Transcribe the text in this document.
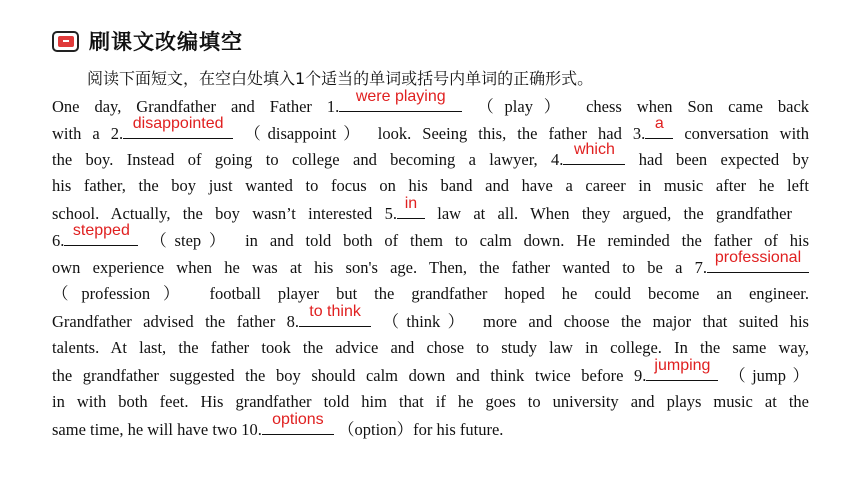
刷课文改编填空
阅读下面短文，在空白处填入1个适当的单词或括号内单词的正确形式。
One day, Grandfather and Father 1.
were playing
（play） chess when Son came back
with a 2.
disappointed
（disappoint） look. Seeing this, the father had 3.
a
conversation with
the boy. Instead of going to college and becoming a lawyer, 4.
which
had been expected by
his father, the boy just wanted to focus on his band and have a career in music after he left
school. Actually, the boy wasn’t interested 5.
in
law at all. When they argued, the grandfather
6.
stepped
（step） in and told both of them to calm down. He reminded the father of his
own experience when he was at his son's age. Then, the father wanted to be a 7.
professional
（profession） football player but the grandfather hoped he could become an engineer.
Grandfather advised the father 8.
to think
（think） more and choose the major that suited his
talents. At last, the father took the advice and chose to study law in college. In the same way,
the grandfather suggested the boy should calm down and think twice before 9.
jumping
（jump）
in with both feet. His grandfather told him that if he goes to university and plays music at the
same time, he will have two 10.
options
（option）for his future.
